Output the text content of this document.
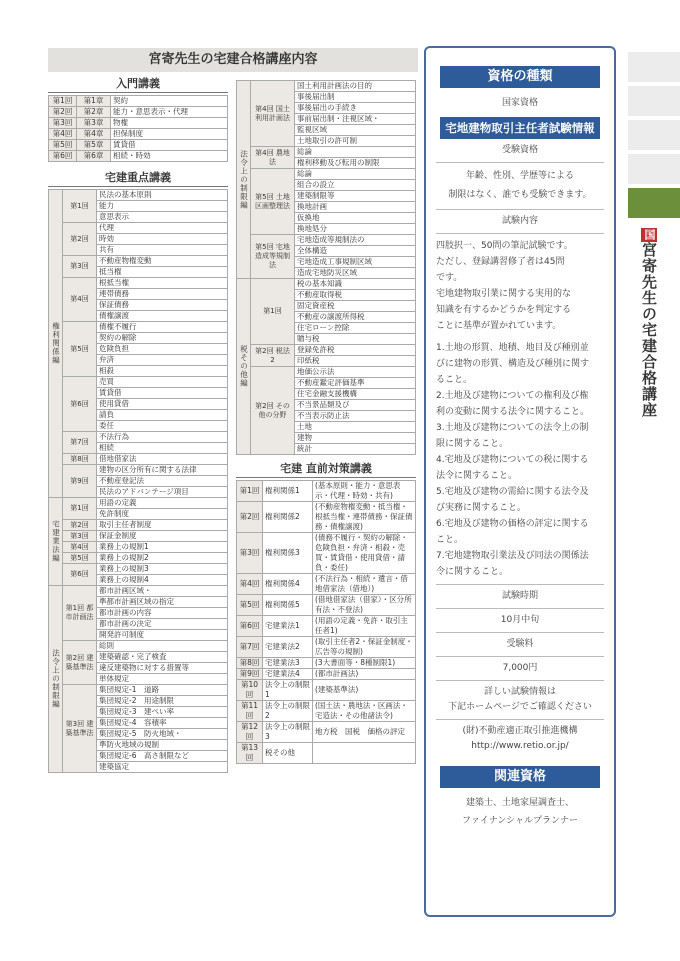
宮寄先生の宅建合格講座内容
入門講義
第1回	第1章	契約
第2回	第2章	能力・意思表示・代理
第3回	第3章	物権
第4回	第4章	担保制度
第5回	第5章	賃貸借
第6回	第6章	相続・時効
宅建重点講義
権利関係編	第1回	民法の基本原則
		能力
		意思表示
	第2回	代理
		時効
		共有
	第3回	不動産物権変動
		抵当権
	第4回	根抵当権
		連帯債務
		保証債務
		債権譲渡
	第5回	債権不履行
		契約の解除
		危険負担
		弁済
		相殺
	第6回	売買
		賃貸借
		使用貸借
		請負
		委任
	第7回	不法行為
		相続
	第8回	借地借家法
	第9回	建物の区分所有に関する法律
		不動産登記法
		民法のアドバンテージ項目
宅建業法編	第1回	用語の定義
		免許制度
	第2回	取引主任者制度
	第3回	保証金制度
	第4回	業務上の規制1
	第5回	業務上の規制2
	第6回	業務上の規制3
		業務上の規制4
法令上の制限編	第1回 都市計画法	都市計画区域・
		準都市計画区域の指定
		都市計画の内容
		都市計画の決定
		開発許可制度
	第2回 建築基準法	総則
		建築確認・完了検査
		違反建築物に対する措置等
		単体規定
	第3回 建築基準法	集団規定-1　道路
		集団規定-2　用途制限
		集団規定-3　建ぺい率
		集団規定-4　容積率
		集団規定-5　防火地域・
		準防火地域の規制
		集団規定-6　高さ制限など
		建築協定
法令上の制限編	第4回 国土利用計画法	国土利用計画法の目的
		事後届出制
		事後届出の手続き
		事前届出制・注視区域・
		監視区域
		土地取引の許可制
	第4回 農地法	総論
		権利移動及び転用の制限
	第5回 土地区画整理法	総論
		組合の設立
		建築制限等
		換地計画
		仮換地
		換地処分
	第5回 宅地造成等規制法	宅地造成等規制法の
		全体構造
		宅地造成工事規制区域
		造成宅地防災区域
税その他編	第1回	税の基本知識
		不動産取得税
		固定資産税
		不動産の譲渡所得税
		住宅ローン控除
		贈与税
	第2回 税法2	登録免許税
		印紙税
	第2回 その他の分野	地価公示法
		不動産鑑定評価基準
		住宅金融支援機構
		不当景品類及び
		不当表示防止法
		土地
		建物
		統計
宅建 直前対策講義
第1回	権利関係1	(基本原則・能力・意思表示・代理・時効・共有)
第2回	権利関係2	(不動産物権変動・抵当権・根抵当権・連帯債務・保証債務・債権譲渡)
第3回	権利関係3	(債務不履行・契約の解除・危険負担・弁済・相殺・売買・賃貸借・使用貸借・請負・委任)
第4回	権利関係4	(不法行為・相続・遺言・借地借家法（借地）)
第5回	権利関係5	(借地借家法（借家）・区分所有法・不登法)
第6回	宅建業法1	(用語の定義・免許・取引主任者1)
第7回	宅建業法2	(取引主任者2・保証金制度・広告等の規制)
第8回	宅建業法3	(3大書面等・8種制限1)
第9回	宅建業法4	(都市計画法)
第10回	法令上の制限1	(建築基準法)
第11回	法令上の制限2	(国土法・農地法・区画法・宅造法・その他諸法令)
第12回	法令上の制限3	地方税　国税　価格の評定
第13回	税その他	
資格の種類
国家資格
宅地建物取引主任者試験情報
受験資格
年齢、性別、学歴等による
制限はなく、誰でも受験できます。
試験内容
四肢択一、50問の筆記試験です。
ただし、登録講習修了者は45問
です。
宅地建物取引業に関する実用的な
知識を有するかどうかを判定する
ことに基準が置かれています。
1.土地の形質、地積、地目及び種別並
びに建物の形質、構造及び種別に関す
ること。
2.土地及び建物についての権利及び権
利の変動に関する法令に関すること。
3.土地及び建物についての法令上の制
限に関すること。
4.宅地及び建物についての税に関する
法令に関すること。
5.宅地及び建物の需給に関する法令及
び実務に関すること。
6.宅地及び建物の価格の評定に関する
こと。
7.宅地建物取引業法及び同法の関係法
令に関すること。
試験時期
10月中旬
受験料
7,000円
詳しい試験情報は
下記ホームページでご確認ください
(財)不動産適正取引推進機構
http://www.retio.or.jp/
関連資格
建築士、土地家屋調査士、
ファイナンシャルプランナー
国宮寄先生の宅建合格講座
